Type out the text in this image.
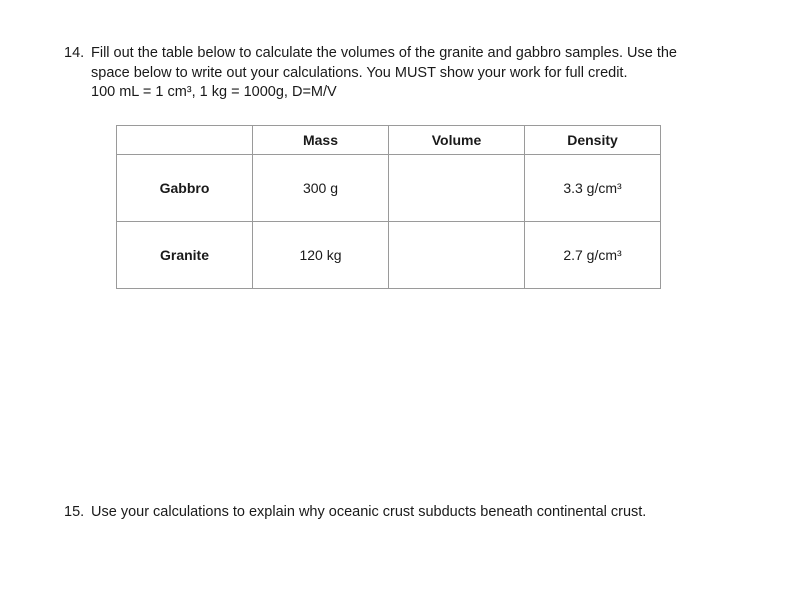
14. Fill out the table below to calculate the volumes of the granite and gabbro samples. Use the
space below to write out your calculations. You MUST show your work for full credit.
100 mL = 1 cm³, 1 kg = 1000g, D=M/V
	Mass	Volume	Density
Gabbro	300 g		3.3 g/cm³
Granite	120 kg		2.7 g/cm³
15. Use your calculations to explain why oceanic crust subducts beneath continental crust.
